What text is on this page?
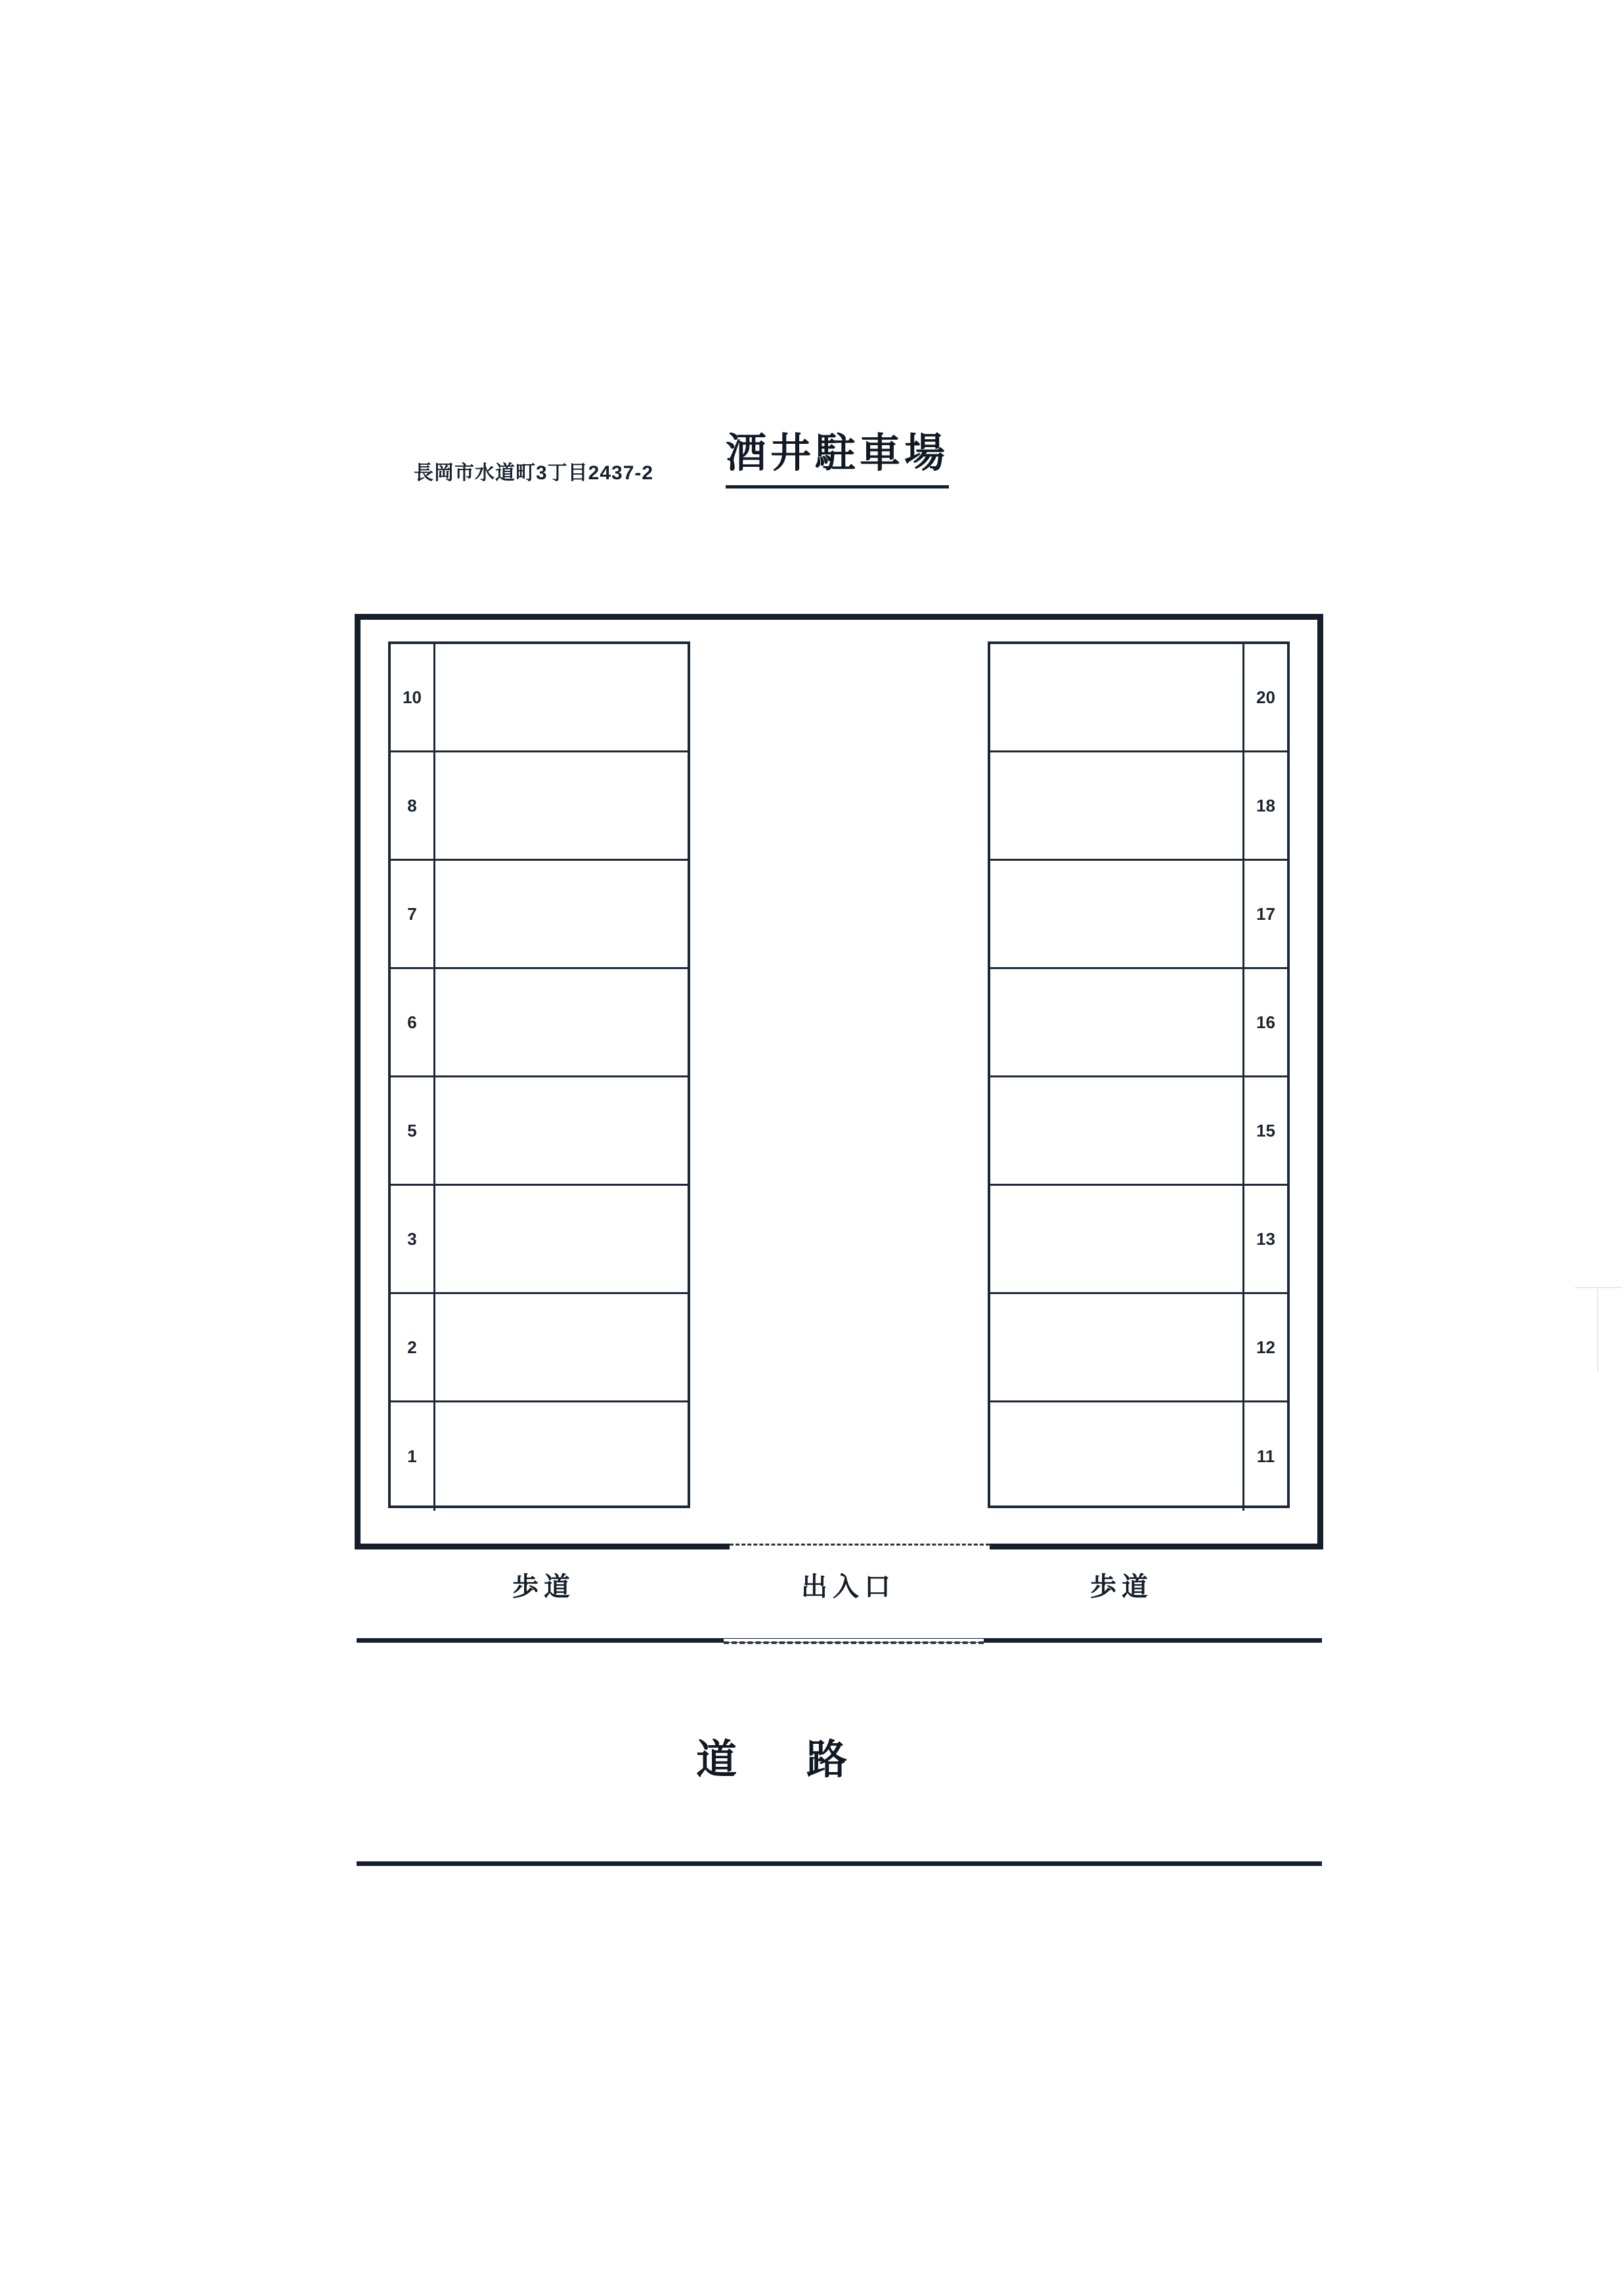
長岡市水道町3丁目2437-2 酒井駐車場
10
8
7
6
5
3
2
1
20
18
17
16
15
13
12
11
歩道	出入口	歩道
道 路
